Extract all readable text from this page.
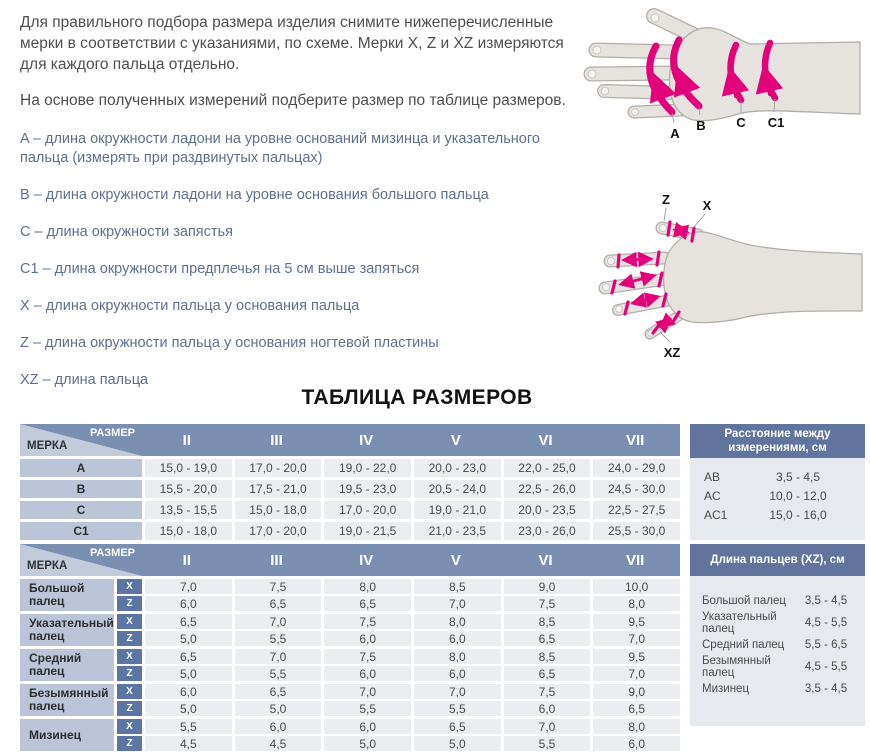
Для правильного подбора размера изделия снимите нижеперечисленные мерки в соответствии с указаниями, по схеме. Мерки X, Z и XZ измеряются для каждого пальца отдельно.
На основе полученных измерений подберите размер по таблице размеров.
A – длина окружности ладони на уровне оснований мизинца и указательного пальца (измерять при раздвинутых пальцах)
B – длина окружности ладони на уровне основания большого пальца
C – длина окружности запястья
C1 – длина окружности предплечья на 5 см выше запяться
X – длина окружности пальца у основания пальца
Z – длина окружности пальца у основания ногтевой пластины
XZ – длина пальца
A
B C C1
Z	X
XZ
ТАБЛИЦА РАЗМЕРОВ
РАЗМЕР
МЕРКА	II	III	IV	V	VI	VII
A	15,0 - 19,0	17,0 - 20,0	19,0 - 22,0	20,0 - 23,0	22,0 - 25,0	24,0 - 29,0
B	15,5 - 20,0	17,5 - 21,0	19,5 - 23,0	20,5 - 24,0	22,5 - 26,0	24,5 - 30,0
C	13,5 - 15,5	15,0 - 18,0	17,0 - 20,0	19,0 - 21,0	20,0 - 23,5	22,5 - 27,5
C1	15,0 - 18,0	17,0 - 20,0	19,0 - 21,5	21,0 - 23,5	23,0 - 26,0	25,5 - 30,0
Расстояние между измерениями, см
AB	3,5 - 4,5
AC	10,0 - 12,0
AC1	15,0 - 16,0
РАЗМЕР
МЕРКА	II	III	IV	V	VI	VII
Большой палец
X	7,0	7,5	8,0	8,5	9,0	10,0
Z	6,0	6,5	6,5	7,0	7,5	8,0
Указательный палец
X	6,5	7,0	7,5	8,0	8,5	9,5
Z	5,0	5,5	6,0	6,0	6,5	7,0
Средний палец
X	6,5	7,0	7,5	8,0	8,5	9,5
Z	5,0	5,5	6,0	6,0	6,5	7,0
Безымянный палец
X	6,0	6,5	7,0	7,0	7,5	9,0
Z	5,0	5,0	5,5	5,5	6,0	6,5
Мизинец
X	5,5	6,0	6,0	6,5	7,0	8,0
Z	4,5	4,5	5,0	5,0	5,5	6,0
Длина пальцев (XZ), см
Большой палец	3,5 - 4,5
Указательный палец	4,5 - 5,5
Средний палец	5,5 - 6,5
Безымянный палец	4,5 - 5,5
Мизинец	3,5 - 4,5
